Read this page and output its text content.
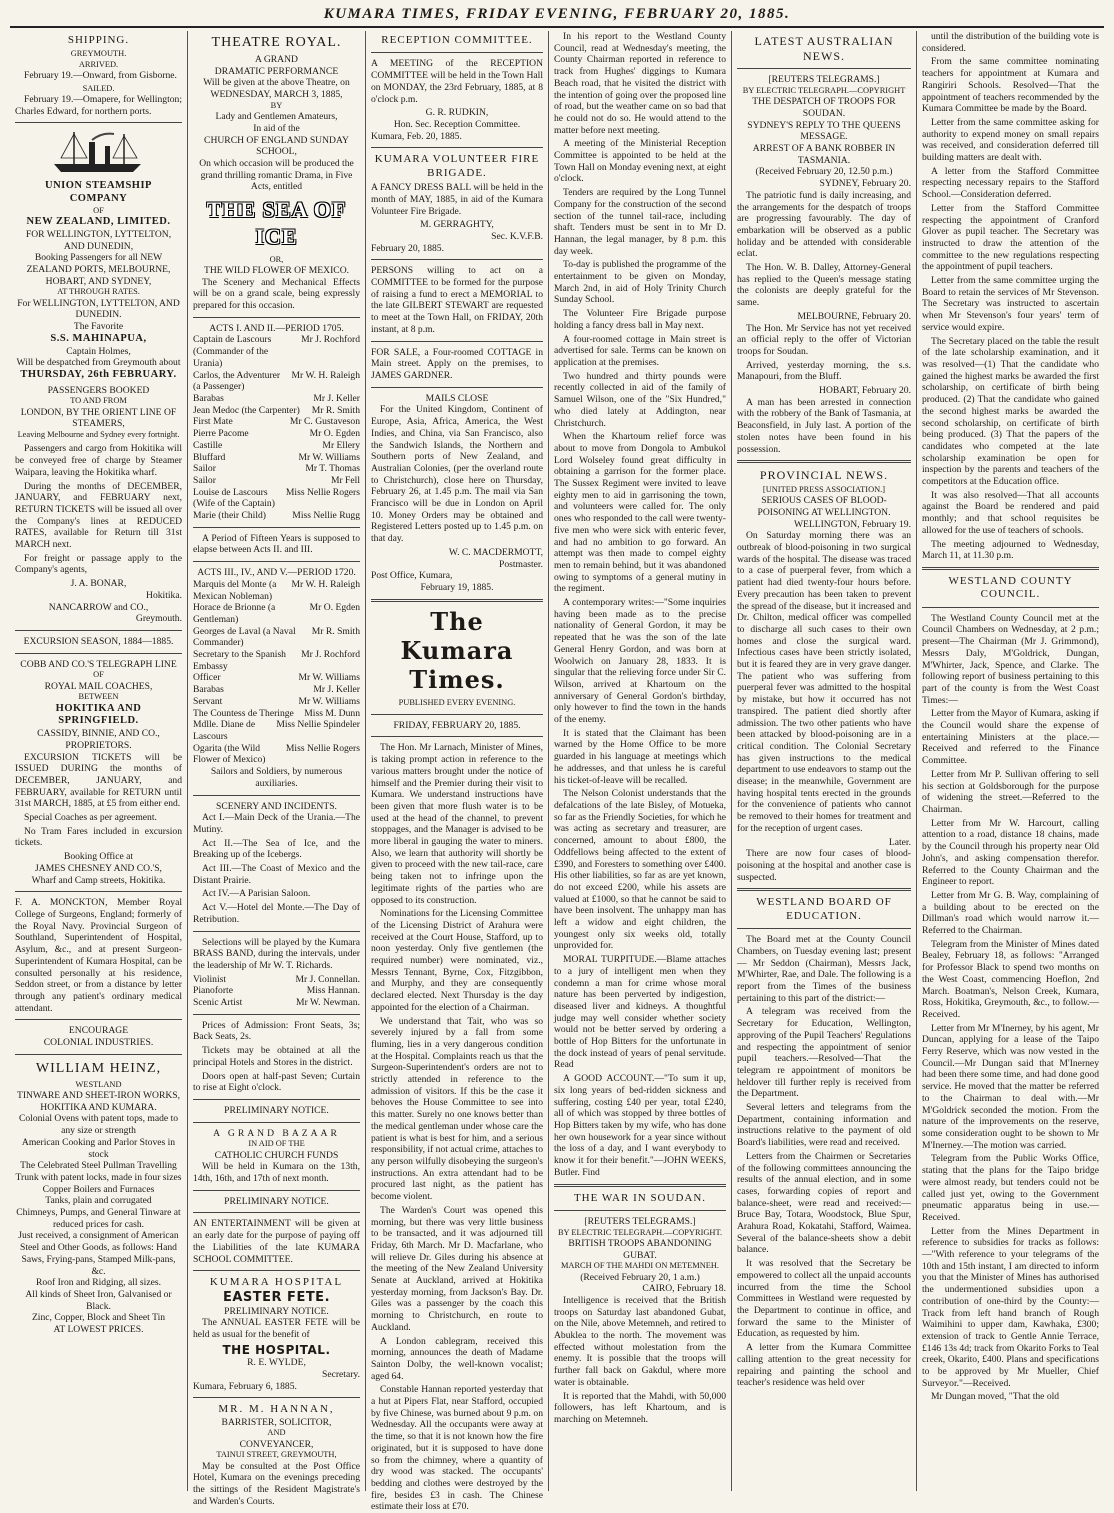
KUMARA TIMES, FRIDAY EVENING, FEBRUARY 20, 1885.
SHIPPING.
GREYMOUTH.
ARRIVED.

February 19.—Onward, from Gisborne.

SAILED.

February 19.—Omapere, for Wellington; Charles Edward, for northern ports.

UNION STEAMSHIP COMPANY
OF
NEW ZEALAND, LIMITED.
FOR WELLINGTON, LYTTELTON, AND DUNEDIN,
Booking Passengers for all NEW ZEALAND PORTS, MELBOURNE, HOBART, AND SYDNEY,
AT THROUGH RATES.
For WELLINGTON, LYTTELTON, AND DUNEDIN.
The Favorite
S.S. MAHINAPUA,
Captain Holmes,
Will be despatched from Greymouth about
THURSDAY, 26th FEBRUARY.
PASSENGERS BOOKED
TO AND FROM
LONDON, BY THE ORIENT LINE OF STEAMERS,
Leaving Melbourne and Sydney every fortnight.

Passengers and cargo from Hokitika will be conveyed free of charge by Steamer Waipara, leaving the Hokitika wharf.

During the months of DECEMBER, JANUARY, and FEBRUARY next, RETURN TICKETS will be issued all over the Company's lines at REDUCED RATES, available for Return till 31st MARCH next.

For freight or passage apply to the Company's agents,

J. A. BONAR,
Hokitika.
NANCARROW and CO.,
Greymouth.
EXCURSION SEASON, 1884—1885.
COBB AND CO.'S TELEGRAPH LINE
OF
ROYAL MAIL COACHES,
BETWEEN
HOKITIKA AND SPRINGFIELD.
CASSIDY, BINNIE, AND CO., PROPRIETORS.

EXCURSION TICKETS will be ISSUED DURING the months of DECEMBER, JANUARY, and FEBRUARY, available for RETURN until 31st MARCH, 1885, at £5 from either end.

Special Coaches as per agreement.

No Tram Fares included in excursion tickets.

Booking Office at
JAMES CHESNEY AND CO.'S,
Wharf and Camp streets, Hokitika.

F. A. MONCKTON, Member Royal College of Surgeons, England; formerly of the Royal Navy. Provincial Surgeon of Southland, Superintendent of Hospital, Asylum, &c., and at present Surgeon-Superintendent of Kumara Hospital, can be consulted personally at his residence, Seddon street, or from a distance by letter through any patient's ordinary medical attendant.

ENCOURAGE
COLONIAL INDUSTRIES.
WILLIAM HEINZ,
WESTLAND
TINWARE AND SHEET-IRON WORKS,
HOKITIKA AND KUMARA.
Colonial Ovens with patent tops, made to any size or strength
American Cooking and Parlor Stoves in stock
The Celebrated Steel Pullman Travelling Trunk with patent locks, made in four sizes
Copper Boilers and Furnaces
Tanks, plain and corrugated
Chimneys, Pumps, and General Tinware at reduced prices for cash.
Just received, a consignment of American Steel and Other Goods, as follows: Hand Saws, Frying-pans, Stamped Milk-pans, &c.
Roof Iron and Ridging, all sizes.
All kinds of Sheet Iron, Galvanised or Black.
Zinc, Copper, Block and Sheet Tin
AT LOWEST PRICES.
THEATRE ROYAL.
A GRAND
DRAMATIC PERFORMANCE
Will be given at the above Theatre, on
WEDNESDAY, MARCH 3, 1885,
BY
Lady and Gentlemen Amateurs,
In aid of the
CHURCH OF ENGLAND SUNDAY SCHOOL,
On which occasion will be produced the grand thrilling romantic Drama, in Five Acts, entitled
THE SEA OF ICE
OR,
THE WILD FLOWER OF MEXICO.

The Scenery and Mechanical Effects will be on a grand scale, being expressly prepared for this occasion.

ACTS I. AND II.—PERIOD 1705.
Captain de Lascours (Commander of the Urania)
Mr J. Rochford
Carlos, the Adventurer (a Passenger)
Mr W. H. Raleigh
Barabas	Mr J. Keller
Jean Medoc (the Carpenter)	Mr R. Smith
First Mate	Mr C. Gustaveson
Pierre Pacome	Mr O. Egden
Castille	Mr Ellery
Bluffard	Mr W. Williams
Sailor	Mr T. Thomas
Sailor	Mr Fell
Louise de Lascours (Wife of the Captain)
Miss Nellie Rogers
Marie (their Child)	Miss Nellie Rugg

A Period of Fifteen Years is supposed to elapse between Acts II. and III.

ACTS III., IV., AND V.—PERIOD 1720.
Marquis del Monte (a Mexican Nobleman)
Mr W. H. Raleigh
Horace de Brionne (a Gentleman)
Mr O. Egden
Georges de Laval (a Naval Commander)
Mr R. Smith
Secretary to the Spanish Embassy
Mr J. Rochford
Officer	Mr W. Williams
Barabas	Mr J. Keller
Servant	Mr W. Williams
The Countess de Theringe	Miss M. Dunn
Mdlle. Diane de Lascours
Miss Nellie Spindeler
Ogarita (the Wild Flower of Mexico)
Miss Nellie Rogers
Sailors and Soldiers, by numerous auxiliaries.
SCENERY AND INCIDENTS.

Act I.—Main Deck of the Urania.—The Mutiny.

Act II.—The Sea of Ice, and the Breaking up of the Icebergs.

Act III.—The Coast of Mexico and the Distant Prairie.

Act IV.—A Parisian Saloon.

Act V.—Hotel del Monte.—The Day of Retribution.

Selections will be played by the Kumara BRASS BAND, during the intervals, under the leadership of Mr W. T. Richards.

Violinist	Mr J. Connellan.
Pianoforte	Miss Hannan.
Scenic Artist	Mr W. Newman.

Prices of Admission: Front Seats, 3s; Back Seats, 2s.

Tickets may be obtained at all the principal Hotels and Stores in the district.

Doors open at half-past Seven; Curtain to rise at Eight o'clock.

PRELIMINARY NOTICE.
A GRAND BAZAAR
IN AID OF THE
CATHOLIC CHURCH FUNDS

Will be held in Kumara on the 13th, 14th, 16th, and 17th of next month.

PRELIMINARY NOTICE.

AN ENTERTAINMENT will be given at an early date for the purpose of paying off the Liabilities of the late KUMARA SCHOOL COMMITTEE.

KUMARA HOSPITAL
EASTER FETE.
PRELIMINARY NOTICE.

The ANNUAL EASTER FETE will be held as usual for the benefit of

THE HOSPITAL.
R. E. WYLDE,
Secretary.
Kumara, February 6, 1885.
MR. M. HANNAN,
BARRISTER, SOLICITOR,
AND
CONVEYANCER,
TAINUI STREET, GREYMOUTH,

May be consulted at the Post Office Hotel, Kumara on the evenings preceding the sittings of the Resident Magistrate's and Warden's Courts.

RECEPTION COMMITTEE.

A MEETING of the RECEPTION COMMITTEE will be held in the Town Hall on MONDAY, the 23rd February, 1885, at 8 o'clock p.m.

G. R. RUDKIN,
Hon. Sec. Reception Committee.
Kumara, Feb. 20, 1885.
KUMARA VOLUNTEER FIRE BRIGADE.

A FANCY DRESS BALL will be held in the month of MAY, 1885, in aid of the Kumara Volunteer Fire Brigade.

M. GERRAGHTY,
Sec. K.V.F.B.
February 20, 1885.

PERSONS willing to act on a COMMITTEE to be formed for the purpose of raising a fund to erect a MEMORIAL to the late GILBERT STEWART are requested to meet at the Town Hall, on FRIDAY, 20th instant, at 8 p.m.

FOR SALE, a Four-roomed COTTAGE in Main street. Apply on the premises, to JAMES GARDNER.

MAILS CLOSE

For the United Kingdom, Continent of Europe, Asia, Africa, America, the West Indies, and China, via San Francisco, also the Sandwich Islands, the Northern and Southern ports of New Zealand, and Australian Colonies, (per the overland route to Christchurch), close here on Thursday, February 26, at 1.45 p.m. The mail via San Francisco will be due in London on April 10. Money Orders may be obtained and Registered Letters posted up to 1.45 p.m. on that day.

W. C. MACDERMOTT,
Postmaster.
Post Office, Kumara,
February 19, 1885.
The Kumara Times.
PUBLISHED EVERY EVENING.
FRIDAY, FEBRUARY 20, 1885.

The Hon. Mr Larnach, Minister of Mines, is taking prompt action in reference to the various matters brought under the notice of himself and the Premier during their visit to Kumara. We understand instructions have been given that more flush water is to be used at the head of the channel, to prevent stoppages, and the Manager is advised to be more liberal in gauging the water to miners. Also, we learn that authority will shortly be given to proceed with the new tail-race, care being taken not to infringe upon the legitimate rights of the parties who are opposed to its construction.

Nominations for the Licensing Committee of the Licensing District of Arahura were received at the Court House, Stafford, up to noon yesterday. Only five gentlemen (the required number) were nominated, viz., Messrs Tennant, Byrne, Cox, Fitzgibbon, and Murphy, and they are consequently declared elected. Next Thursday is the day appointed for the election of a Chairman.

We understand that Tait, who was so severely injured by a fall from some fluming, lies in a very dangerous condition at the Hospital. Complaints reach us that the Surgeon-Superintendent's orders are not to strictly attended in reference to the admission of visitors. If this be the case it behoves the House Committee to see into this matter. Surely no one knows better than the medical gentleman under whose care the patient is what is best for him, and a serious responsibility, if not actual crime, attaches to any person wilfully disobeying the surgeon's instructions. An extra attendant had to be procured last night, as the patient has become violent.

The Warden's Court was opened this morning, but there was very little business to be transacted, and it was adjourned till Friday, 6th March. Mr D. Macfarlane, who will relieve Dr. Giles during his absence at the meeting of the New Zealand University Senate at Auckland, arrived at Hokitika yesterday morning, from Jackson's Bay. Dr. Giles was a passenger by the coach this morning to Christchurch, en route to Auckland.

A London cablegram, received this morning, announces the death of Madame Sainton Dolby, the well-known vocalist; aged 64.

Constable Hannan reported yesterday that a hut at Pipers Flat, near Stafford, occupied by five Chinese, was burned about 9 p.m. on Wednesday. All the occupants were away at the time, so that it is not known how the fire originated, but it is supposed to have done so from the chimney, where a quantity of dry wood was stacked. The occupants' bedding and clothes were destroyed by the fire, besides £3 in cash. The Chinese estimate their loss at £70.

In his report to the Westland County Council, read at Wednesday's meeting, the County Chairman reported in reference to track from Hughes' diggings to Kumara Beach road, that he visited the district with the intention of going over the proposed line of road, but the weather came on so bad that he could not do so. He would attend to the matter before next meeting.

A meeting of the Ministerial Reception Committee is appointed to be held at the Town Hall on Monday evening next, at eight o'clock.

Tenders are required by the Long Tunnel Company for the construction of the second section of the tunnel tail-race, including shaft. Tenders must be sent in to Mr D. Hannan, the legal manager, by 8 p.m. this day week.

To-day is published the programme of the entertainment to be given on Monday, March 2nd, in aid of Holy Trinity Church Sunday School.

The Volunteer Fire Brigade purpose holding a fancy dress ball in May next.

A four-roomed cottage in Main street is advertised for sale. Terms can be known on application at the premises.

Two hundred and thirty pounds were recently collected in aid of the family of Samuel Wilson, one of the "Six Hundred," who died lately at Addington, near Christchurch.

When the Khartoum relief force was about to move from Dongola to Ambukol Lord Wolseley found great difficulty in obtaining a garrison for the former place. The Sussex Regiment were invited to leave eighty men to aid in garrisoning the town, and volunteers were called for. The only ones who responded to the call were twenty-five men who were sick with enteric fever, and had no ambition to go forward. An attempt was then made to compel eighty men to remain behind, but it was abandoned owing to symptoms of a general mutiny in the regiment.

A contemporary writes:—"Some inquiries having been made as to the precise nationality of General Gordon, it may be repeated that he was the son of the late General Henry Gordon, and was born at Woolwich on January 28, 1833. It is singular that the relieving force under Sir C. Wilson, arrived at Khartoum on the anniversary of General Gordon's birthday, only however to find the town in the hands of the enemy.

It is stated that the Claimant has been warned by the Home Office to be more guarded in his language at meetings which he addresses, and that unless he is careful his ticket-of-leave will be recalled.

The Nelson Colonist understands that the defalcations of the late Bisley, of Motueka, so far as the Friendly Societies, for which he was acting as secretary and treasurer, are concerned, amount to about £800, the Oddfellows being affected to the extent of £390, and Foresters to something over £400. His other liabilities, so far as are yet known, do not exceed £200, while his assets are valued at £1000, so that he cannot be said to have been insolvent. The unhappy man has left a widow and eight children, the youngest only six weeks old, totally unprovided for.

MORAL TURPITUDE.—Blame attaches to a jury of intelligent men when they condemn a man for crime whose moral nature has been perverted by indigestion, diseased liver and kidneys. A thoughtful judge may well consider whether society would not be better served by ordering a bottle of Hop Bitters for the unfortunate in the dock instead of years of penal servitude. Read

A GOOD ACCOUNT.—"To sum it up, six long years of bed-ridden sickness and suffering, costing £40 per year, total £240, all of which was stopped by three bottles of Hop Bitters taken by my wife, who has done her own housework for a year since without the loss of a day, and I want everybody to know it for their benefit."—JOHN WEEKS, Butler. Find

THE WAR IN SOUDAN.
[REUTERS TELEGRAMS.]
BY ELECTRIC TELEGRAPH.—COPYRIGHT.
BRITISH TROOPS ABANDONING GUBAT.
MARCH OF THE MAHDI ON METEMNEH.
(Received February 20, 1 a.m.)
CAIRO, February 18.

Intelligence is received that the British troops on Saturday last abandoned Gubat, on the Nile, above Metemneh, and retired to Abuklea to the north. The movement was effected without molestation from the enemy. It is possible that the troops will further fall back on Gakdul, where more water is obtainable.

It is reported that the Mahdi, with 50,000 followers, has left Khartoum, and is marching on Metemneh.

LATEST AUSTRALIAN NEWS.
[REUTERS TELEGRAMS.]
BY ELECTRIC TELEGRAPH.—COPYRIGHT
THE DESPATCH OF TROOPS FOR SOUDAN.
SYDNEY'S REPLY TO THE QUEENS MESSAGE.
ARREST OF A BANK ROBBER IN TASMANIA.
(Received February 20, 12.50 p.m.)
SYDNEY, February 20.

The patriotic fund is daily increasing, and the arrangements for the despatch of troops are progressing favourably. The day of embarkation will be observed as a public holiday and be attended with considerable eclat.

The Hon. W. B. Dalley, Attorney-General has replied to the Queen's message stating the colonists are deeply grateful for the same.

MELBOURNE, February 20.

The Hon. Mr Service has not yet received an official reply to the offer of Victorian troops for Soudan.

Arrived, yesterday morning, the s.s. Manapouri, from the Bluff.

HOBART, February 20.

A man has been arrested in connection with the robbery of the Bank of Tasmania, at Beaconsfield, in July last. A portion of the stolen notes have been found in his possession.

PROVINCIAL NEWS.
[UNITED PRESS ASSOCIATION.]
SERIOUS CASES OF BLOOD-POISONING AT WELLINGTON.
WELLINGTON, February 19.

On Saturday morning there was an outbreak of blood-poisoning in two surgical wards of the hospital. The disease was traced to a case of puerperal fever, from which a patient had died twenty-four hours before. Every precaution has been taken to prevent the spread of the disease, but it increased and Dr. Chilton, medical officer was compelled to discharge all such cases to their own homes and close the surgical ward. Infectious cases have been strictly isolated, but it is feared they are in very grave danger. The patient who was suffering from puerperal fever was admitted to the hospital by mistake, but how it occurred has not transpired. The patient died shortly after admission. The two other patients who have been attacked by blood-poisoning are in a critical condition. The Colonial Secretary has given instructions to the medical department to use endeavors to stamp out the disease; in the meanwhile, Government are having hospital tents erected in the grounds for the convenience of patients who cannot be removed to their homes for treatment and for the reception of urgent cases.

Later.

There are now four cases of blood-poisoning at the hospital and another case is suspected.

WESTLAND BOARD OF EDUCATION.

The Board met at the County Council Chambers, on Tuesday evening last; present — Mr Seddon (Chairman), Messrs Jack, M'Whirter, Rae, and Dale. The following is a report from the Times of the business pertaining to this part of the district:—

A telegram was received from the Secretary for Education, Wellington, approving of the Pupil Teachers' Regulations and respecting the appointment of senior pupil teachers.—Resolved—That the telegram re appointment of monitors be heldover till further reply is received from the Department.

Several letters and telegrams from the Department, containing information and instructions relative to the payment of old Board's liabilities, were read and received.

Letters from the Chairmen or Secretaries of the following committees announcing the results of the annual election, and in some cases, forwarding copies of report and balance-sheet, were read and received:—Bruce Bay, Totara, Woodstock, Blue Spur, Arahura Road, Kokatahi, Stafford, Waimea. Several of the balance-sheets show a debit balance.

It was resolved that the Secretary be empowered to collect all the unpaid accounts incurred from the time the School Committees in Westland were requested by the Department to continue in office, and forward the same to the Minister of Education, as requested by him.

A letter from the Kumara Committee calling attention to the great necessity for repairing and painting the school and teacher's residence was held over

until the distribution of the building vote is considered.

From the same committee nominating teachers for appointment at Kumara and Rangiriri Schools. Resolved—That the appointment of teachers recommended by the Kumara Committee be made by the Board.

Letter from the same committee asking for authority to expend money on small repairs was received, and consideration deferred till building matters are dealt with.

A letter from the Stafford Committee respecting necessary repairs to the Stafford School.—Consideration deferred.

Letter from the Stafford Committee respecting the appointment of Cranford Glover as pupil teacher. The Secretary was instructed to draw the attention of the committee to the new regulations respecting the appointment of pupil teachers.

Letter from the same committee urging the Board to retain the services of Mr Stevenson. The Secretary was instructed to ascertain when Mr Stevenson's four years' term of service would expire.

The Secretary placed on the table the result of the late scholarship examination, and it was resolved—(1) That the candidate who gained the highest marks be awarded the first scholarship, on certificate of birth being produced. (2) That the candidate who gained the second highest marks be awarded the second scholarship, on certificate of birth being produced. (3) That the papers of the candidates who competed at the late scholarship examination be open for inspection by the parents and teachers of the competitors at the Education office.

It was also resolved—That all accounts against the Board be rendered and paid monthly; and that school requisites be allowed for the use of teachers of schools.

The meeting adjourned to Wednesday, March 11, at 11.30 p.m.

WESTLAND COUNTY COUNCIL.

The Westland County Council met at the Council Chambers on Wednesday, at 2 p.m.; present—The Chairman (Mr J. Grimmond), Messrs Daly, M'Goldrick, Dungan, M'Whirter, Jack, Spence, and Clarke. The following report of business pertaining to this part of the county is from the West Coast Times:—

Letter from the Mayor of Kumara, asking if the Council would share the expense of entertaining Ministers at the place.—Received and referred to the Finance Committee.

Letter from Mr P. Sullivan offering to sell his section at Goldsborough for the purpose of widening the street.—Referred to the Chairman.

Letter from Mr W. Harcourt, calling attention to a road, distance 18 chains, made by the Council through his property near Old John's, and asking compensation therefor. Referred to the County Chairman and the Engineer to report.

Letter from Mr G. B. Way, complaining of a building about to be erected on the Dillman's road which would narrow it.—Referred to the Chairman.

Telegram from the Minister of Mines dated Bealey, February 18, as follows: "Arranged for Professor Black to spend two months on the West Coast, commencing Hoeflon, 2nd March. Boatman's, Nelson Creek, Kumara, Ross, Hokitika, Greymouth, &c., to follow.—Received.

Letter from Mr M'Inerney, by his agent, Mr Duncan, applying for a lease of the Taipo Ferry Reserve, which was now vested in the Council.—Mr Dungan said that M'Inerney had been there some time, and had done good service. He moved that the matter be referred to the Chairman to deal with.—Mr M'Goldrick seconded the motion. From the nature of the improvements on the reserve, some consideration ought to be shown to Mr M'Inerney.—The motion was carried.

Telegram from the Public Works Office, stating that the plans for the Taipo bridge were almost ready, but tenders could not be called just yet, owing to the Government pneumatic apparatus being in use.—Received.

Letter from the Mines Department in reference to subsidies for tracks as follows:—"With reference to your telegrams of the 10th and 15th instant, I am directed to inform you that the Minister of Mines has authorised the undermentioned subsidies upon a contribution of one-third by the County:—Track from left hand branch of Rough Waimihini to upper dam, Kawhaka, £300; extension of track to Gentle Annie Terrace, £146 13s 4d; track from Okarito Forks to Teal creek, Okarito, £400. Plans and specifications to be approved by Mr Mueller, Chief Surveyor."—Received.

Mr Dungan moved, "That the old
